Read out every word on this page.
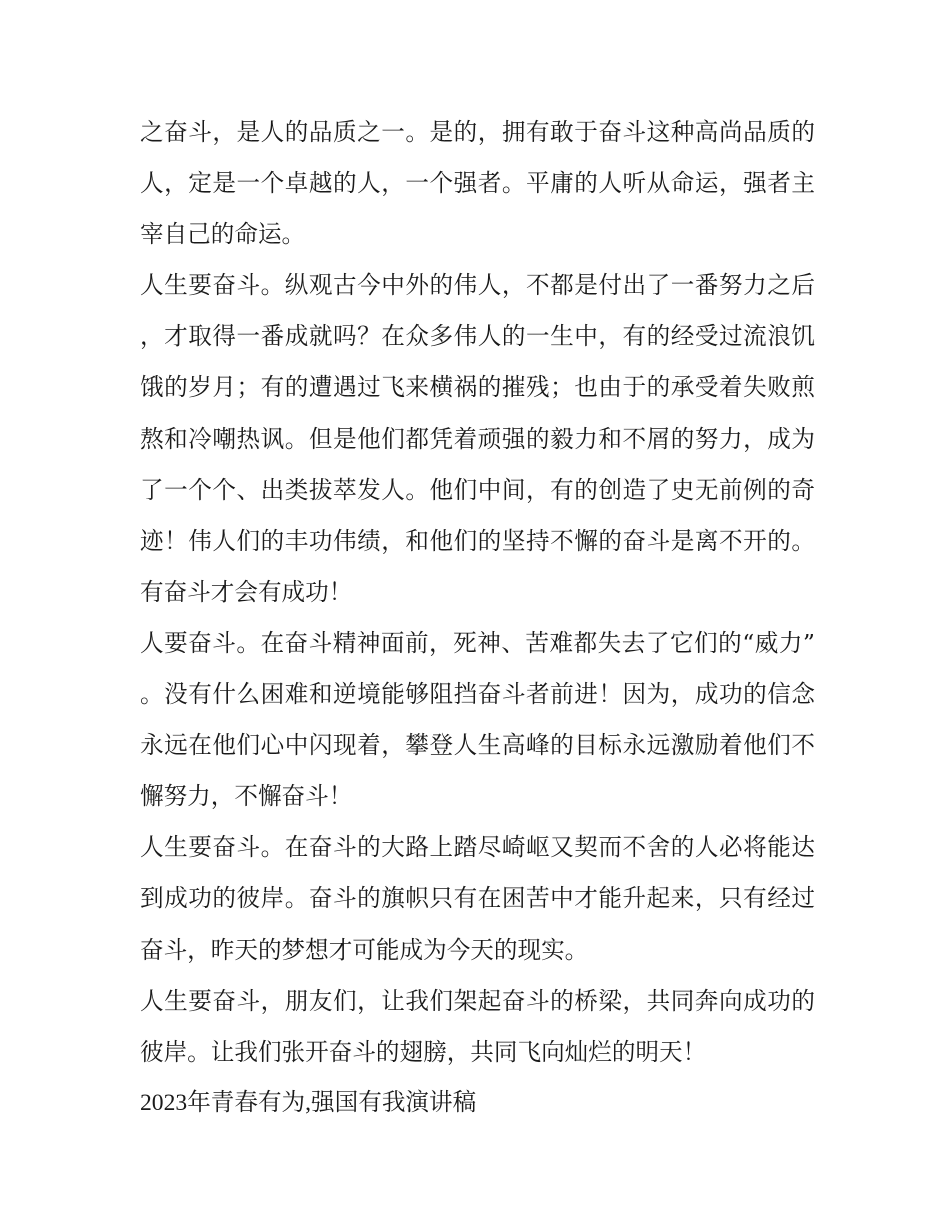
之奋斗，是人的品质之一。是的，拥有敢于奋斗这种高尚品质的人，定是一个卓越的人，一个强者。平庸的人听从命运，强者主宰自己的命运。

人生要奋斗。纵观古今中外的伟人，不都是付出了一番努力之后，才取得一番成就吗？在众多伟人的一生中，有的经受过流浪饥饿的岁月；有的遭遇过飞来横祸的摧残；也由于的承受着失败煎熬和冷嘲热讽。但是他们都凭着顽强的毅力和不屑的努力，成为了一个个、出类拔萃发人。他们中间，有的创造了史无前例的奇迹！伟人们的丰功伟绩，和他们的坚持不懈的奋斗是离不开的。有奋斗才会有成功！

人要奋斗。在奋斗精神面前，死神、苦难都失去了它们的“威力”。没有什么困难和逆境能够阻挡奋斗者前进！因为，成功的信念永远在他们心中闪现着，攀登人生高峰的目标永远激励着他们不懈努力，不懈奋斗！

人生要奋斗。在奋斗的大路上踏尽崎岖又契而不舍的人必将能达到成功的彼岸。奋斗的旗帜只有在困苦中才能升起来，只有经过奋斗，昨天的梦想才可能成为今天的现实。

人生要奋斗，朋友们，让我们架起奋斗的桥梁，共同奔向成功的彼岸。让我们张开奋斗的翅膀，共同飞向灿烂的明天！

2023年青春有为,强国有我演讲稿
